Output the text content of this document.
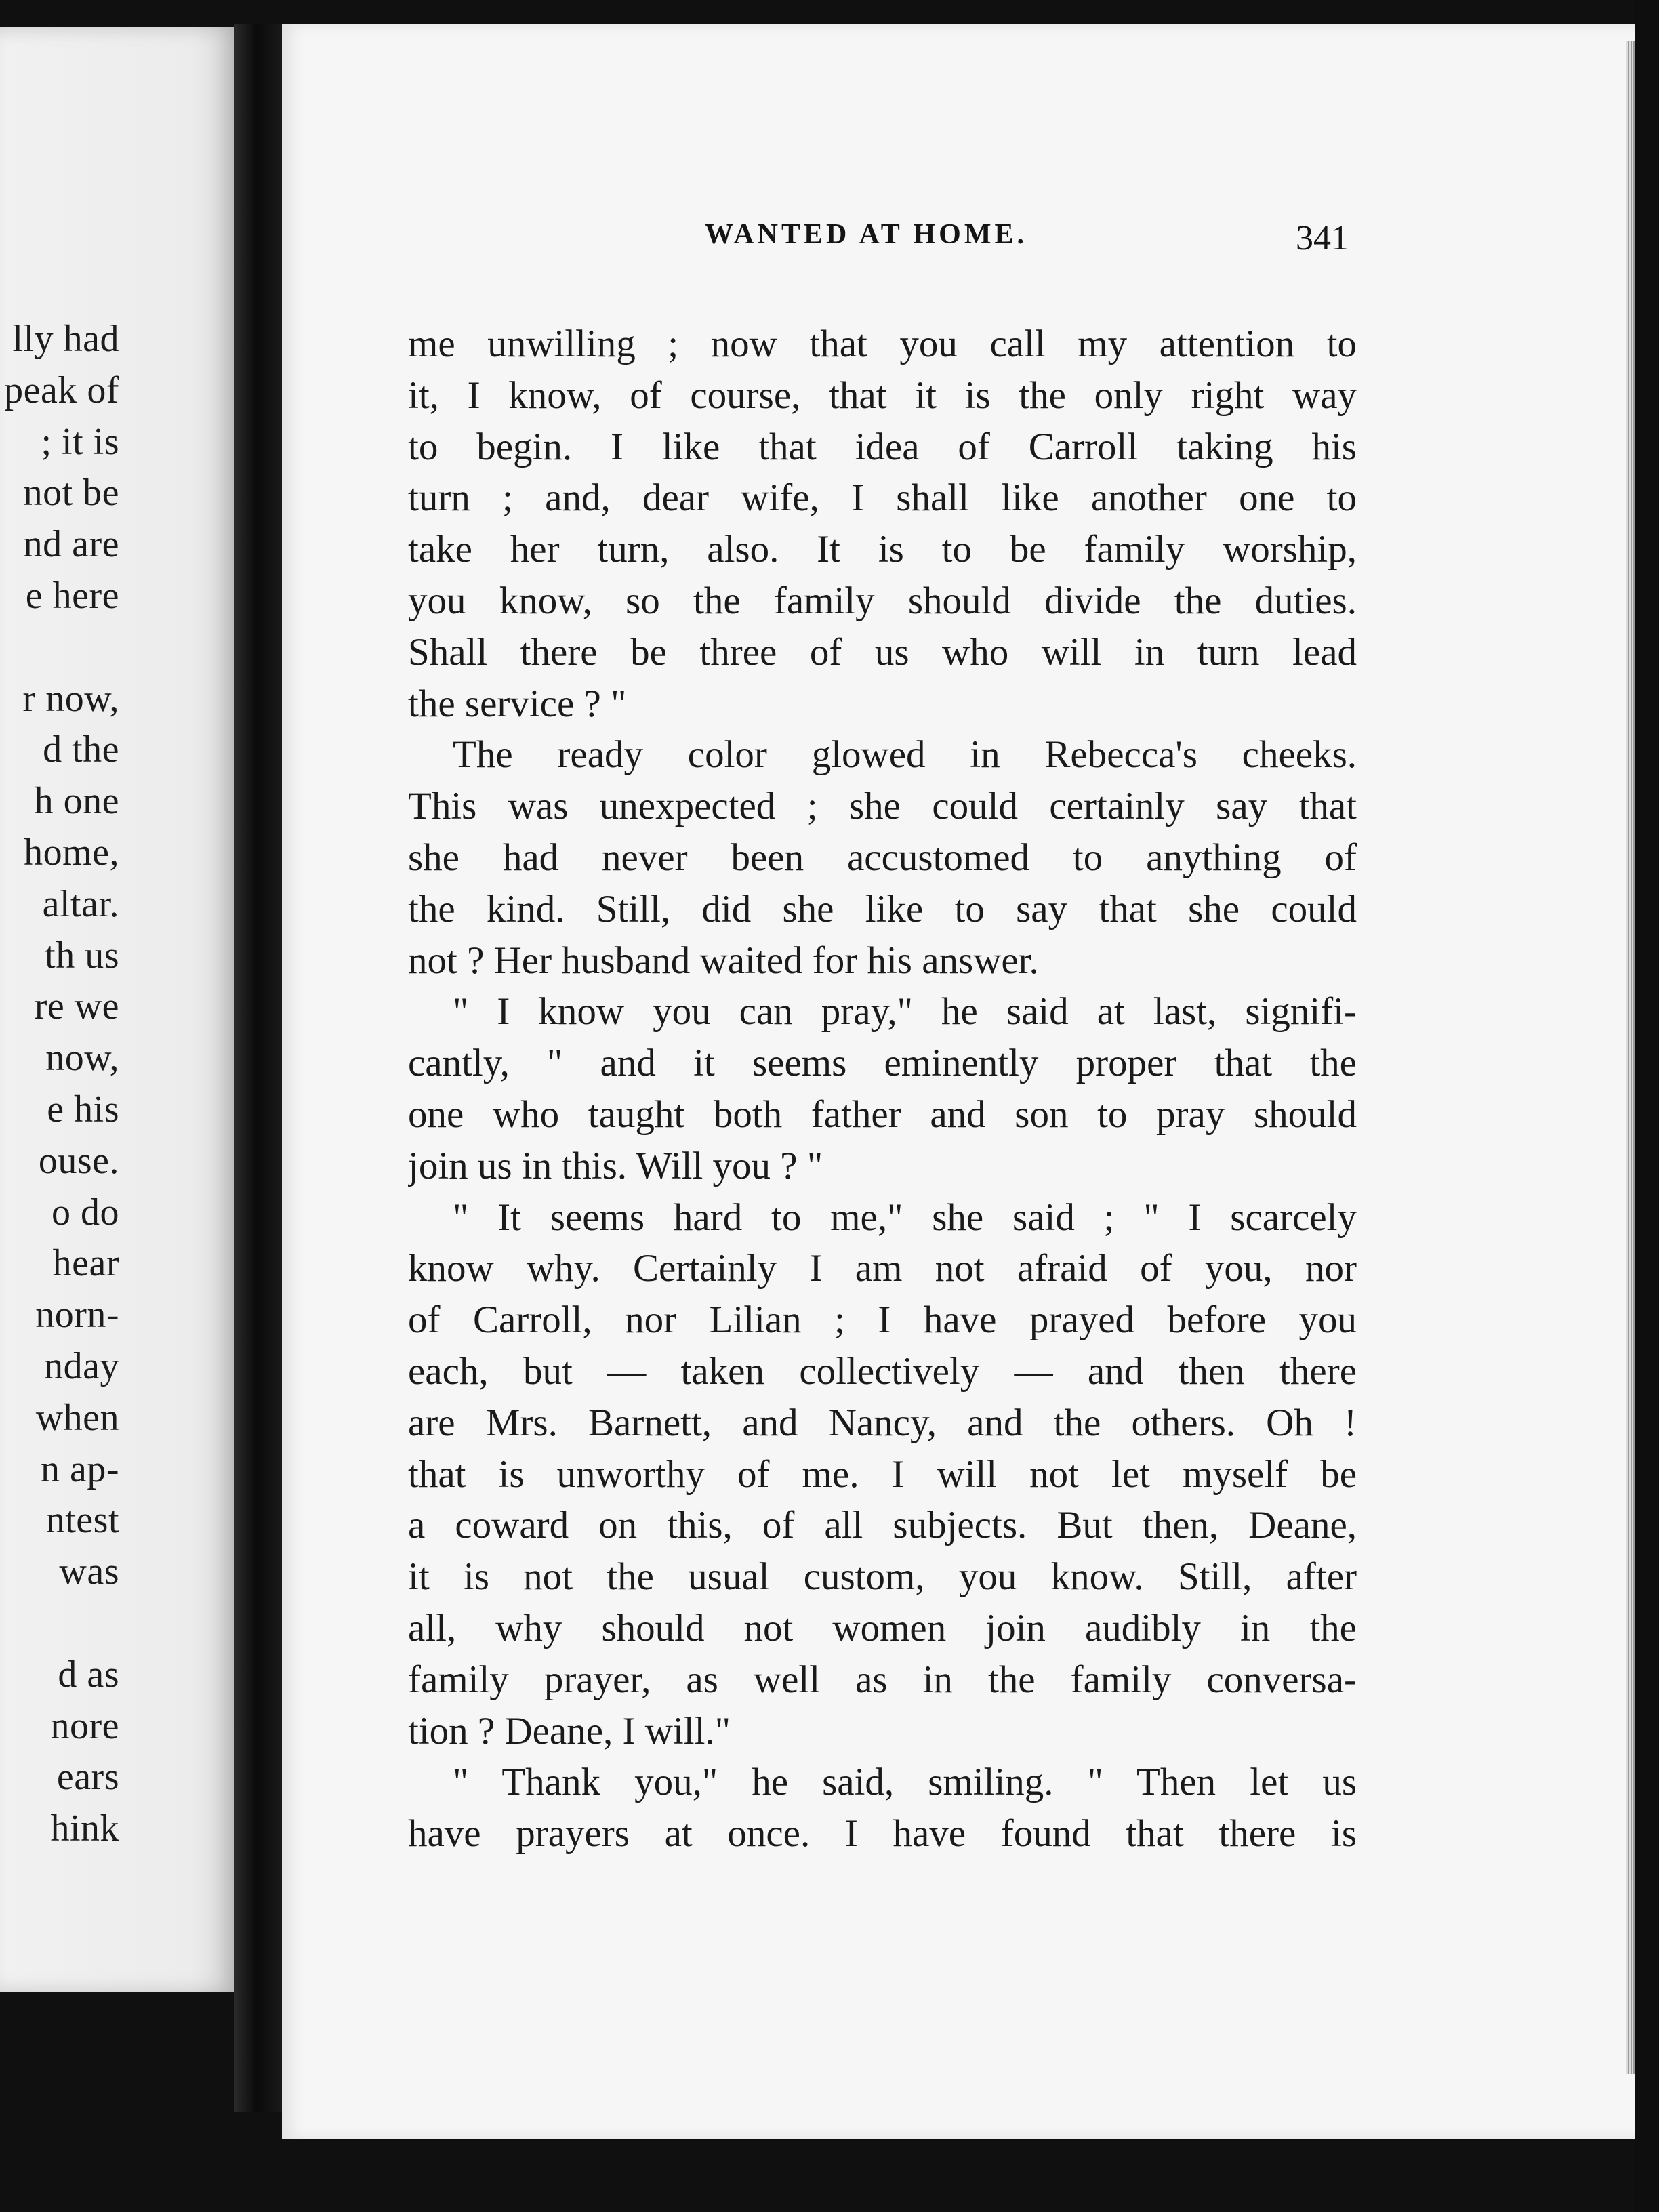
lly had
peak of
; it is
not be
nd are
e here
r now,
d the
h one
home,
altar.
th us
re we
now,
e his
ouse.
o do
hear
norn-
nday
when
n ap-
ntest
was
d as
nore
ears
hink
WANTED AT HOME.	341
me unwilling ; now that you call my attention to
it, I know, of course, that it is the only right way
to begin. I like that idea of Carroll taking his
turn ; and, dear wife, I shall like another one to
take her turn, also. It is to be family worship,
you know, so the family should divide the duties.
Shall there be three of us who will in turn lead
the service ? "
The ready color glowed in Rebecca's cheeks.
This was unexpected ; she could certainly say that
she had never been accustomed to anything of
the kind. Still, did she like to say that she could
not ? Her husband waited for his answer.
" I know you can pray," he said at last, signifi-
cantly, " and it seems eminently proper that the
one who taught both father and son to pray should
join us in this. Will you ? "
" It seems hard to me," she said ; " I scarcely
know why. Certainly I am not afraid of you, nor
of Carroll, nor Lilian ; I have prayed before you
each, but — taken collectively — and then there
are Mrs. Barnett, and Nancy, and the others. Oh !
that is unworthy of me. I will not let myself be
a coward on this, of all subjects. But then, Deane,
it is not the usual custom, you know. Still, after
all, why should not women join audibly in the
family prayer, as well as in the family conversa-
tion ? Deane, I will."
" Thank you," he said, smiling. " Then let us
have prayers at once. I have found that there is
